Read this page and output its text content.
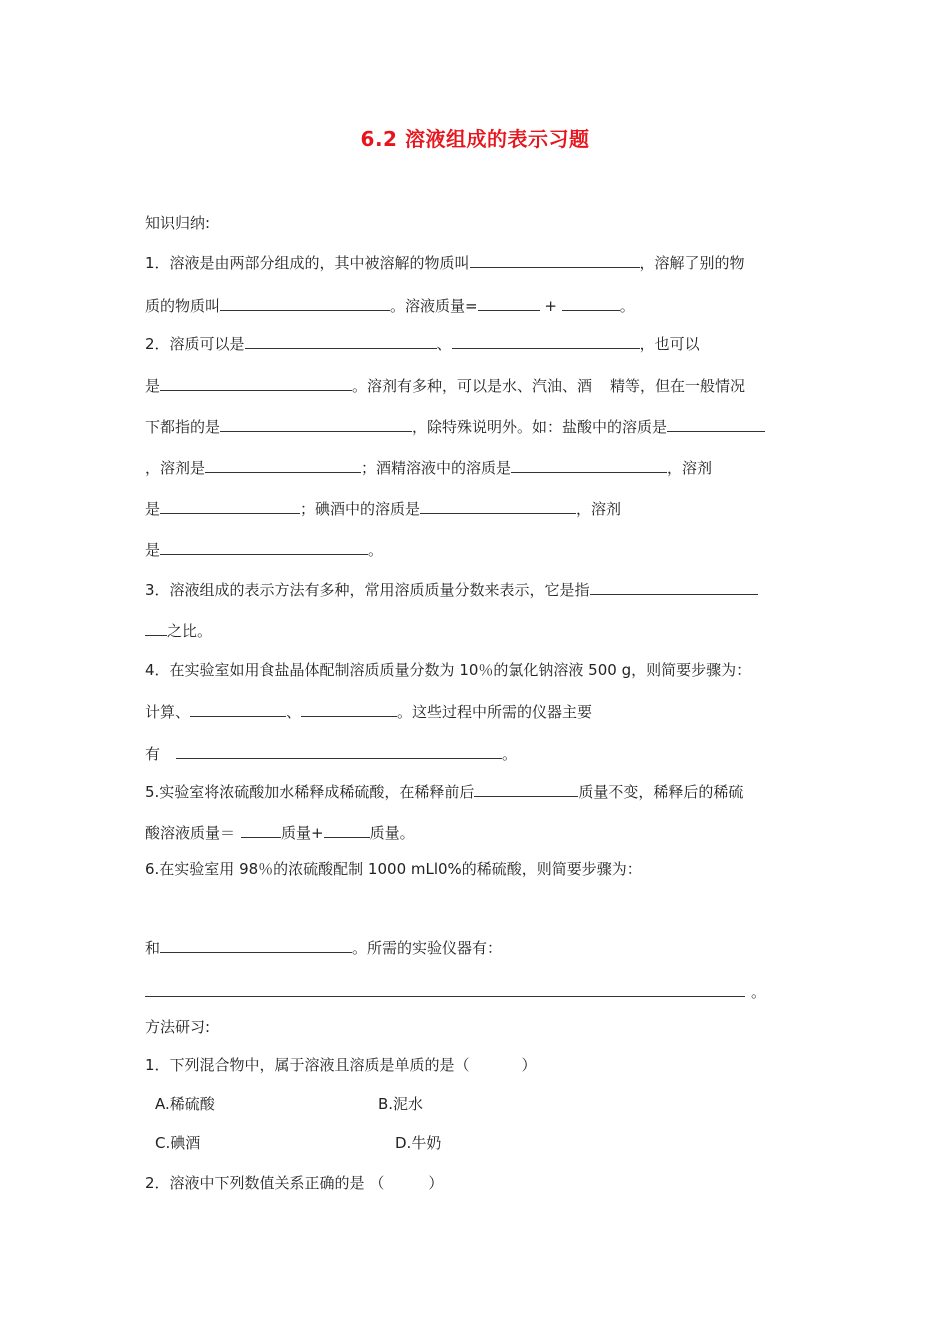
6.2 溶液组成的表示习题
知识归纳:
1．溶液是由两部分组成的，其中被溶解的物质叫	，溶解了别的物
质的物质叫	。溶液质量=	+	。
2．溶质可以是	、	，也可以
是	。溶剂有多种，可以是水、汽油、酒 精等，但在一般情况
下都指的是	，除特殊说明外。如：盐酸中的溶质是
，溶剂是	；酒精溶液中的溶质是	，溶剂
是	；碘酒中的溶质是	，溶剂
是	。
3．溶液组成的表示方法有多种，常用溶质质量分数来表示，它是指
之比。
4．在实验室如用食盐晶体配制溶质质量分数为 10％的氯化钠溶液 500 g，则简要步骤为：
计算、	、	。这些过程中所需的仪器主要
有	。
5.实验室将浓硫酸加水稀释成稀硫酸，在稀释前后	质量不变，稀释后的稀硫
酸溶液质量＝	质量+	质量。
6.在实验室用 98％的浓硫酸配制 1000 mLl0%的稀硫酸，则简要步骤为：
和	。所需的实验仪器有：
。
方法研习:
1．下列混合物中，属于溶液且溶质是单质的是（	）
A.稀硫酸	B.泥水
C.碘酒	D.牛奶
2．溶液中下列数值关系正确的是 （	）
